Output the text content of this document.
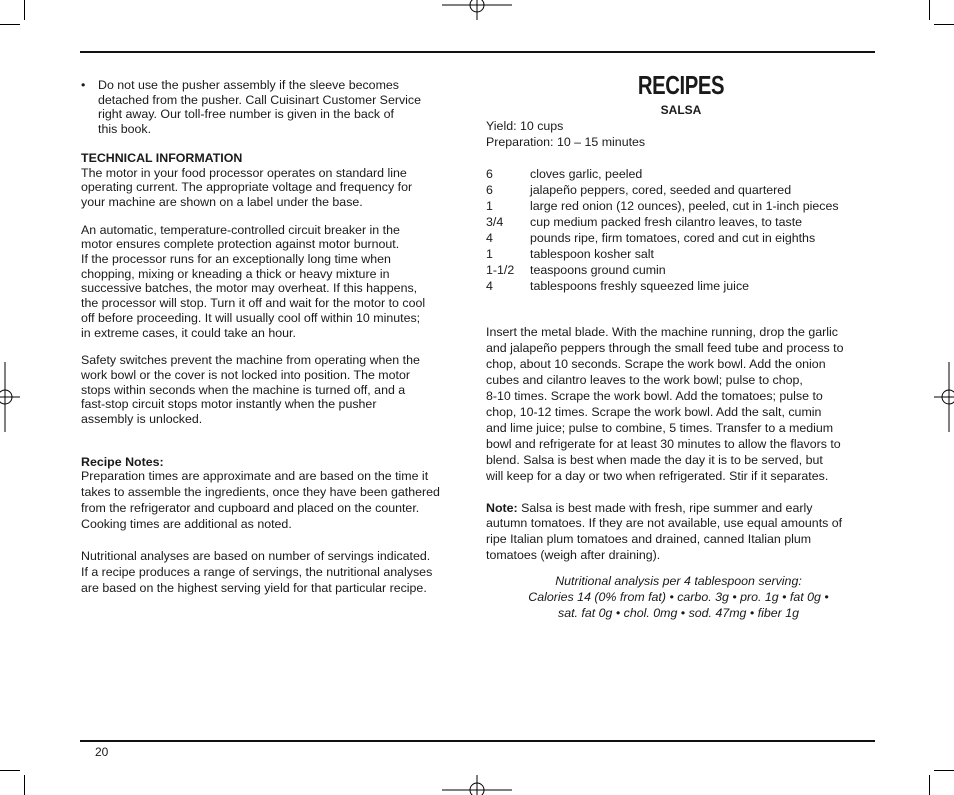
•	Do not use the pusher assembly if the sleeve becomes
detached from the pusher. Call Cuisinart Customer Service
right away. Our toll-free number is given in the back of
this book.

TECHNICAL INFORMATION

The motor in your food processor operates on standard line
operating current. The appropriate voltage and frequency for
your machine are shown on a label under the base.

An automatic, temperature-controlled circuit breaker in the
motor ensures complete protection against motor burnout.
If the processor runs for an exceptionally long time when
chopping, mixing or kneading a thick or heavy mixture in
successive batches, the motor may overheat. If this happens,
the processor will stop. Turn it off and wait for the motor to cool
off before proceeding. It will usually cool off within 10 minutes;
in extreme cases, it could take an hour.

Safety switches prevent the machine from operating when the
work bowl or the cover is not locked into position. The motor
stops within seconds when the machine is turned off, and a
fast-stop circuit stops motor instantly when the pusher
assembly is unlocked.

Recipe Notes:

Preparation times are approximate and are based on the time it
takes to assemble the ingredients, once they have been gathered
from the refrigerator and cupboard and placed on the counter.
Cooking times are additional as noted.

Nutritional analyses are based on number of servings indicated.
If a recipe produces a range of servings, the nutritional analyses
are based on the highest serving yield for that particular recipe.

RECIPES

SALSA

Yield: 10 cups

Preparation: 10 – 15 minutes

6	cloves garlic, peeled
6	jalapeño peppers, cored, seeded and quartered
1	large red onion (12 ounces), peeled, cut in 1-inch pieces
3/4	cup medium packed fresh cilantro leaves, to taste
4	pounds ripe, firm tomatoes, cored and cut in eighths
1	tablespoon kosher salt
1-1/2	teaspoons ground cumin
4	tablespoons freshly squeezed lime juice

Insert the metal blade. With the machine running, drop the garlic
and jalapeño peppers through the small feed tube and process to
chop, about 10 seconds. Scrape the work bowl. Add the onion
cubes and cilantro leaves to the work bowl; pulse to chop,
8-10 times. Scrape the work bowl. Add the tomatoes; pulse to
chop, 10-12 times. Scrape the work bowl. Add the salt, cumin
and lime juice; pulse to combine, 5 times. Transfer to a medium
bowl and refrigerate for at least 30 minutes to allow the flavors to
blend. Salsa is best when made the day it is to be served, but
will keep for a day or two when refrigerated. Stir if it separates.

Note: Salsa is best made with fresh, ripe summer and early
autumn tomatoes. If they are not available, use equal amounts of
ripe Italian plum tomatoes and drained, canned Italian plum
tomatoes (weigh after draining).

Nutritional analysis per 4 tablespoon serving:
Calories 14 (0% from fat) • carbo. 3g • pro. 1g • fat 0g •
sat. fat 0g • chol. 0mg • sod. 47mg • fiber 1g

20
